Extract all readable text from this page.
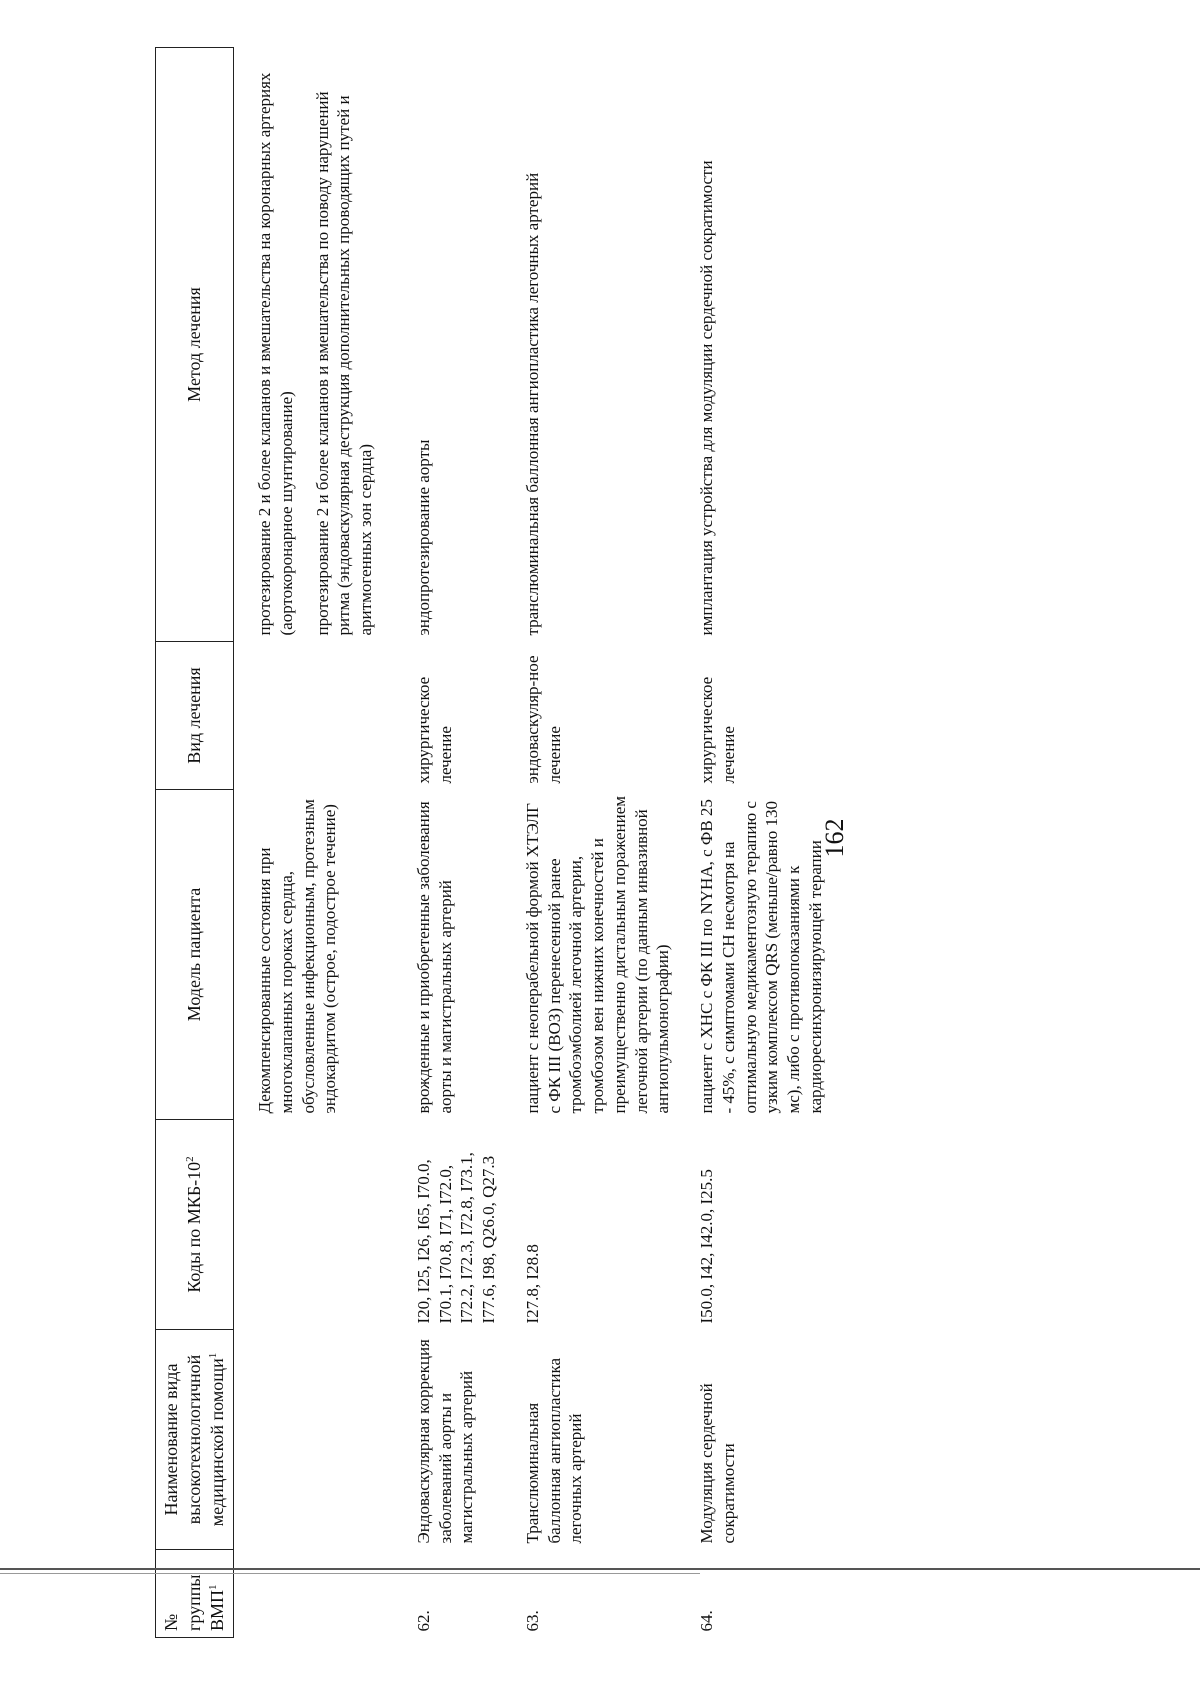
162
№ группы ВМП$^1$	Наименование вида высокотехнологичной медицинской помощи$^1$	Коды по МКБ-$10^2$	Модель пациента	Вид лечения	Метод лечения
			Декомпенсированные состояния при многоклапанных пороках сердца, обусловленные инфекционным, протезным эндокардитом (острое, подострое течение)		протезирование 2 и более клапанов и вмешательства на коронарных артериях (аортокоронарное шунтирование) протезирование 2 и более клапанов и вмешательства по поводу нарушений ритма (эндоваскулярная деструкция дополнительных проводящих путей и аритмогенных зон сердца)

62.	Эндоваскулярная коррекция заболеваний аорты и магистральных артерий	I20, I25, I26, I65, I70.0, I70.1, I70.8, I71, I72.0, I72.2, I72.3, I72.8, I73.1, I77.6, I98, Q26.0, Q27.3	врожденные и приобретенные заболевания аорты и магистральных артерий	хирургическое лечение	эндопротезирование аорты

63.	Транслюминальная баллонная ангиопластика легочных артерий	I27.8, I28.8	пациент с неоперабельной формой ХТЭЛГ с ФК III (ВОЗ) перенесенной ранее тромбоэмболией легочной артерии, тромбозом вен нижних конечностей и преимущественно дистальным поражением легочной артерии (по данным инвазивной ангиопульмонографии)	эндоваскуляр-ное лечение	транслюминальная баллонная ангиопластика легочных артерий

64.	Модуляция сердечной сократимости	I50.0, I42, I42.0, I25.5	пациент с ХНС с ФК III по NYHA, с ФВ 25 - 45%, с симптомами СН несмотря на оптимальную медикаментозную терапию с узким комплексом QRS (меньше/равно 130 мс), либо с противопоказаниями к кардиоресинхронизирующей терапии	хирургическое лечение	имплантация устройства для модуляции сердечной сократимости
